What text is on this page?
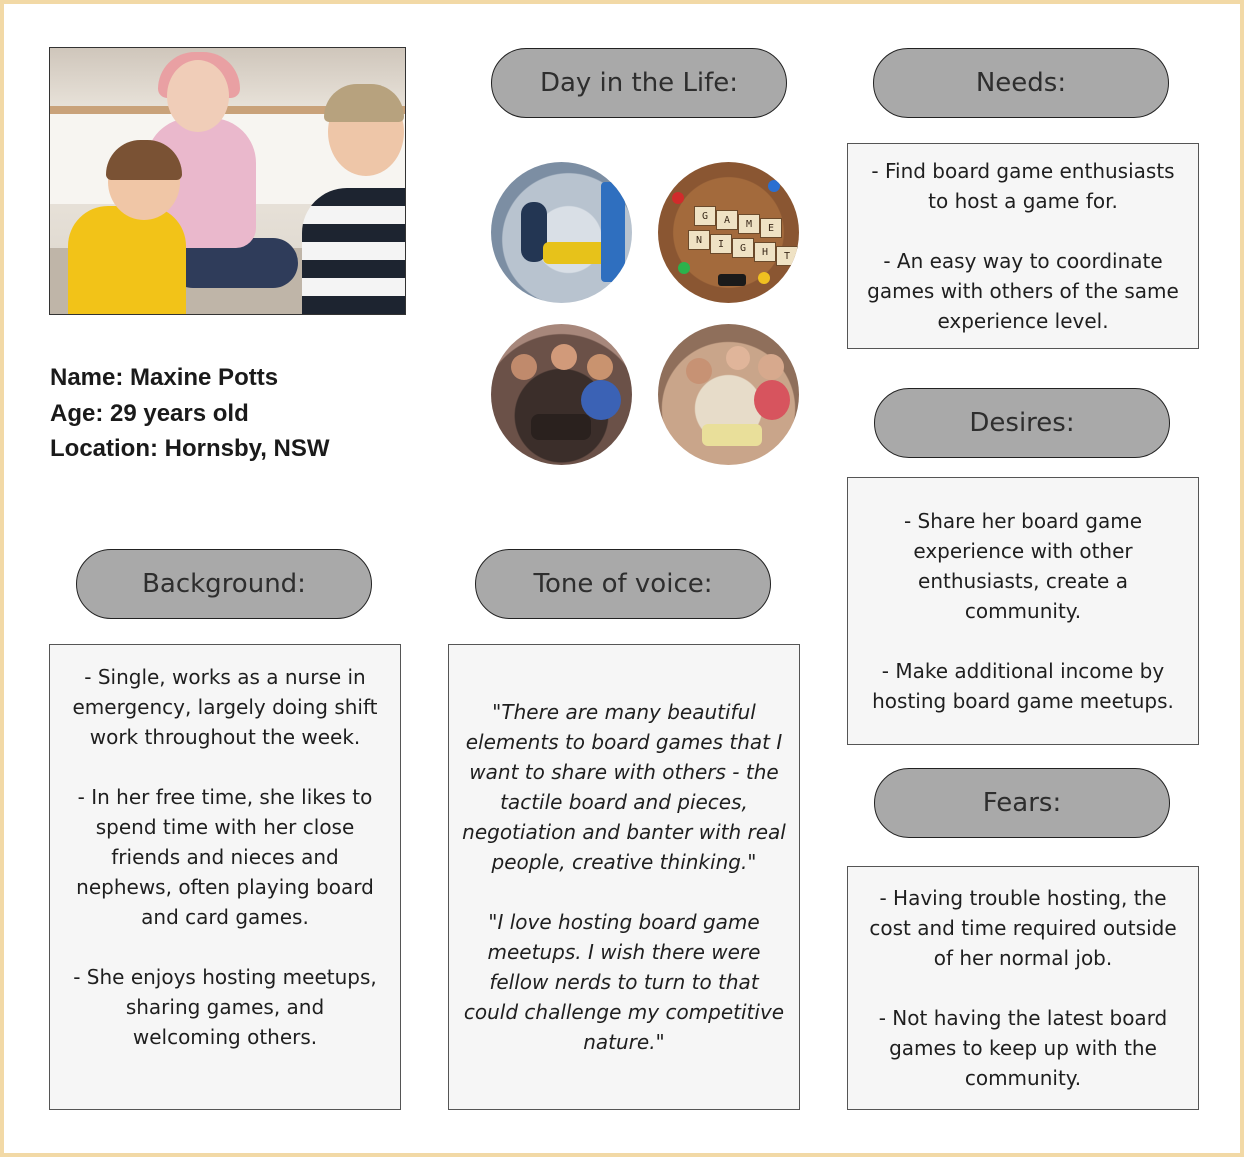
Name: Maxine Potts
Age: 29 years old
Location: Hornsby, NSW
Day in the Life:
G	A	M	E
N	I	G	H	T
Needs:
- Find board game enthusiasts
to host a game for.
- An easy way to coordinate
games with others of the same
experience level.
Desires:
- Share her board game
experience with other
enthusiasts, create a
community.
- Make additional income by
hosting board game meetups.
Fears:
- Having trouble hosting, the
cost and time required outside
of her normal job.
- Not having the latest board
games to keep up with the
community.
Background:
- Single, works as a nurse in
emergency, largely doing shift
work throughout the week.
- In her free time, she likes to
spend time with her close
friends and nieces and
nephews, often playing board
and card games.
- She enjoys hosting meetups,
sharing games, and
welcoming others.
Tone of voice:
"There are many beautiful
elements to board games that I
want to share with others - the
tactile board and pieces,
negotiation and banter with real
people, creative thinking."
"I love hosting board game
meetups. I wish there were
fellow nerds to turn to that
could challenge my competitive
nature."
